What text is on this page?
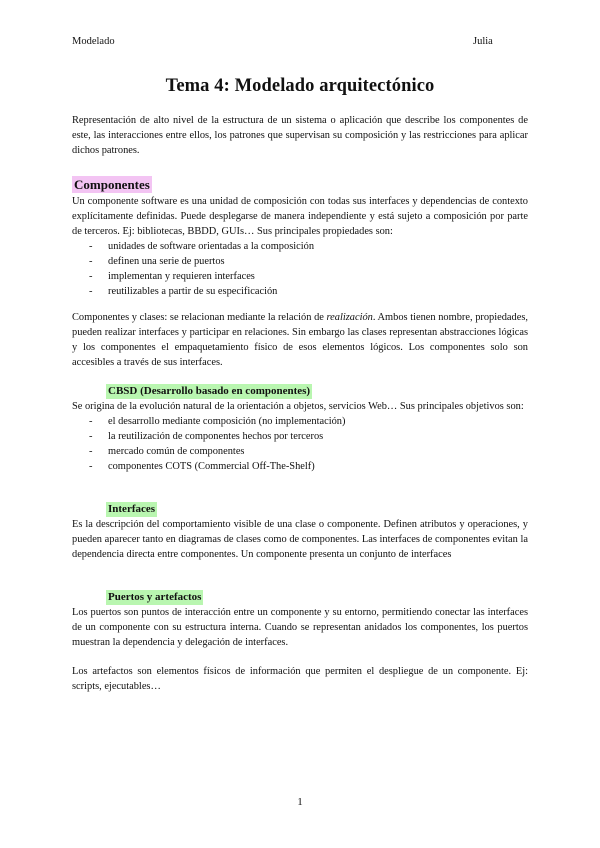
Modelado	Julia
Tema 4: Modelado arquitectónico

Representación de alto nivel de la estructura de un sistema o aplicación que describe los componentes de este, las interacciones entre ellos, los patrones que supervisan su composición y las restricciones para aplicar dichos patrones.

Componentes

Un componente software es una unidad de composición con todas sus interfaces y dependencias de contexto explícitamente definidas. Puede desplegarse de manera independiente y está sujeto a composición por parte de terceros. Ej: bibliotecas, BBDD, GUIs… Sus principales propiedades son:

- unidades de software orientadas a la composición
- definen una serie de puertos
- implementan y requieren interfaces
- reutilizables a partir de su especificación

Componentes y clases: se relacionan mediante la relación de realización. Ambos tienen nombre, propiedades, pueden realizar interfaces y participar en relaciones. Sin embargo las clases representan abstracciones lógicas y los componentes el empaquetamiento físico de esos elementos lógicos. Los componentes solo son accesibles a través de sus interfaces.

CBSD (Desarrollo basado en componentes)

Se origina de la evolución natural de la orientación a objetos, servicios Web… Sus principales objetivos son:

- el desarrollo mediante composición (no implementación)
- la reutilización de componentes hechos por terceros
- mercado común de componentes
- componentes COTS (Commercial Off-The-Shelf)
Interfaces

Es la descripción del comportamiento visible de una clase o componente. Definen atributos y operaciones, y pueden aparecer tanto en diagramas de clases como de componentes. Las interfaces de componentes evitan la dependencia directa entre componentes. Un componente presenta un conjunto de interfaces

Puertos y artefactos

Los puertos son puntos de interacción entre un componente y su entorno, permitiendo conectar las interfaces de un componente con su estructura interna. Cuando se representan anidados los componentes, los puertos muestran la dependencia y delegación de interfaces.

Los artefactos son elementos físicos de información que permiten el despliegue de un componente. Ej: scripts, ejecutables…

1
